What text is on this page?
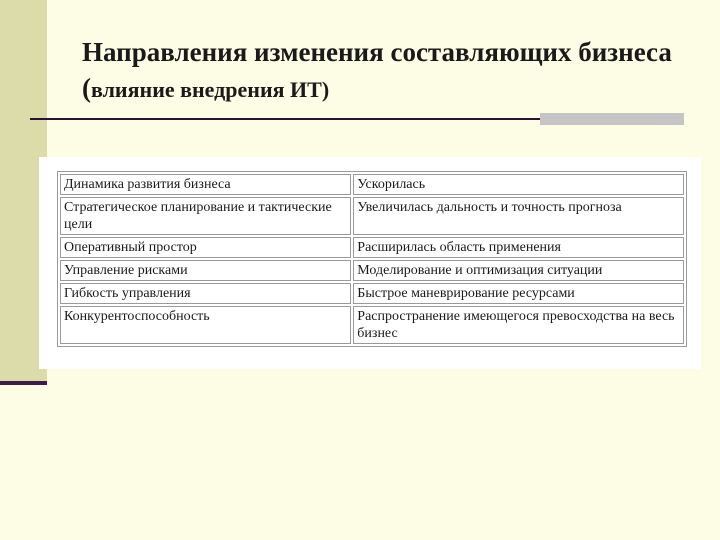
Направления изменения составляющих бизнеса (влияние внедрения ИТ)
Динамика развития бизнеса	Ускорилась
Стратегическое планирование и тактические цели	Увеличилась дальность и точность прогноза
Оперативный простор	Расширилась область применения
Управление рисками	Моделирование и оптимизация ситуации
Гибкость управления	Быстрое маневрирование ресурсами
Конкурентоспособность	Распространение имеющегося превосходства на весь бизнес
